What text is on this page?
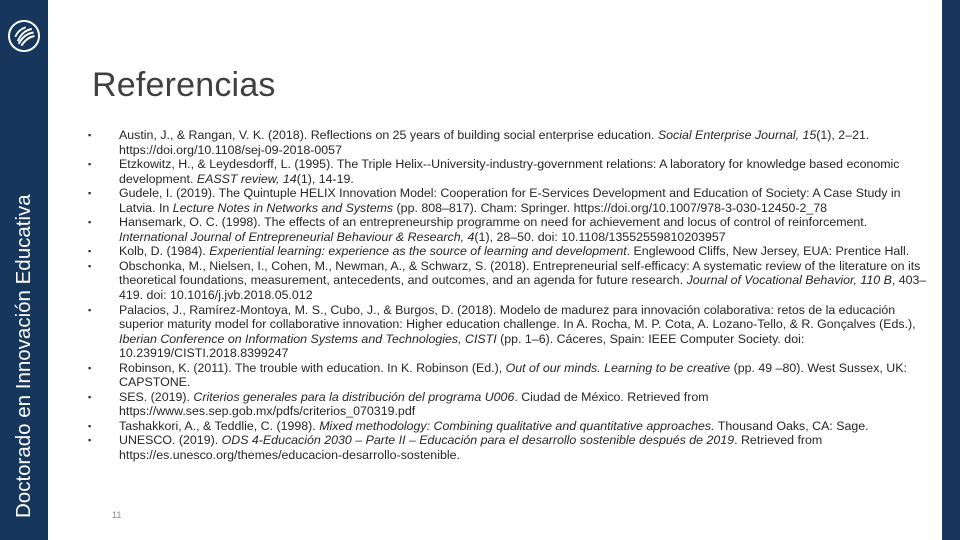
Doctorado en Innovación Educativa
Referencias
▪ Austin, J., & Rangan, V. K. (2018). Reflections on 25 years of building social enterprise education. Social Enterprise Journal, 15(1), 2–21. https://doi.org/10.1108/sej-09-2018-0057
▪ Etzkowitz, H., & Leydesdorff, L. (1995). The Triple Helix--University-industry-government relations: A laboratory for knowledge based economic development. EASST review, 14(1), 14-19.
▪ Gudele, I. (2019). The Quintuple HELIX Innovation Model: Cooperation for E-Services Development and Education of Society: A Case Study in Latvia. In Lecture Notes in Networks and Systems (pp. 808–817). Cham: Springer. https://doi.org/10.1007/978-3-030-12450-2_78
▪ Hansemark, O. C. (1998). The effects of an entrepreneurship programme on need for achievement and locus of control of reinforcement. International Journal of Entrepreneurial Behaviour & Research, 4(1), 28–50. doi: 10.1108/13552559810203957
▪ Kolb, D. (1984). Experiential learning: experience as the source of learning and development. Englewood Cliffs, New Jersey, EUA: Prentice Hall.
▪ Obschonka, M., Nielsen, I., Cohen, M., Newman, A., & Schwarz, S. (2018). Entrepreneurial self-efficacy: A systematic review of the literature on its theoretical foundations, measurement, antecedents, and outcomes, and an agenda for future research. Journal of Vocational Behavior, 110 B, 403–419. doi: 10.1016/j.jvb.2018.05.012
▪ Palacios, J., Ramírez-Montoya, M. S., Cubo, J., & Burgos, D. (2018). Modelo de madurez para innovación colaborativa: retos de la educación superior maturity model for collaborative innovation: Higher education challenge. In A. Rocha, M. P. Cota, A. Lozano-Tello, & R. Gonçalves (Eds.), Iberian Conference on Information Systems and Technologies, CISTI (pp. 1–6). Cáceres, Spain: IEEE Computer Society. doi: 10.23919/CISTI.2018.8399247
▪ Robinson, K. (2011). The trouble with education. In K. Robinson (Ed.), Out of our minds. Learning to be creative (pp. 49 –80). West Sussex, UK: CAPSTONE.
▪ SES. (2019). Criterios generales para la distribución del programa U006. Ciudad de México. Retrieved from https://www.ses.sep.gob.mx/pdfs/criterios_070319.pdf
▪ Tashakkori, A., & Teddlie, C. (1998). Mixed methodology: Combining qualitative and quantitative approaches. Thousand Oaks, CA: Sage.
▪ UNESCO. (2019). ODS 4-Educación 2030 – Parte II – Educación para el desarrollo sostenible después de 2019. Retrieved from https://es.unesco.org/themes/educacion-desarrollo-sostenible.
11
